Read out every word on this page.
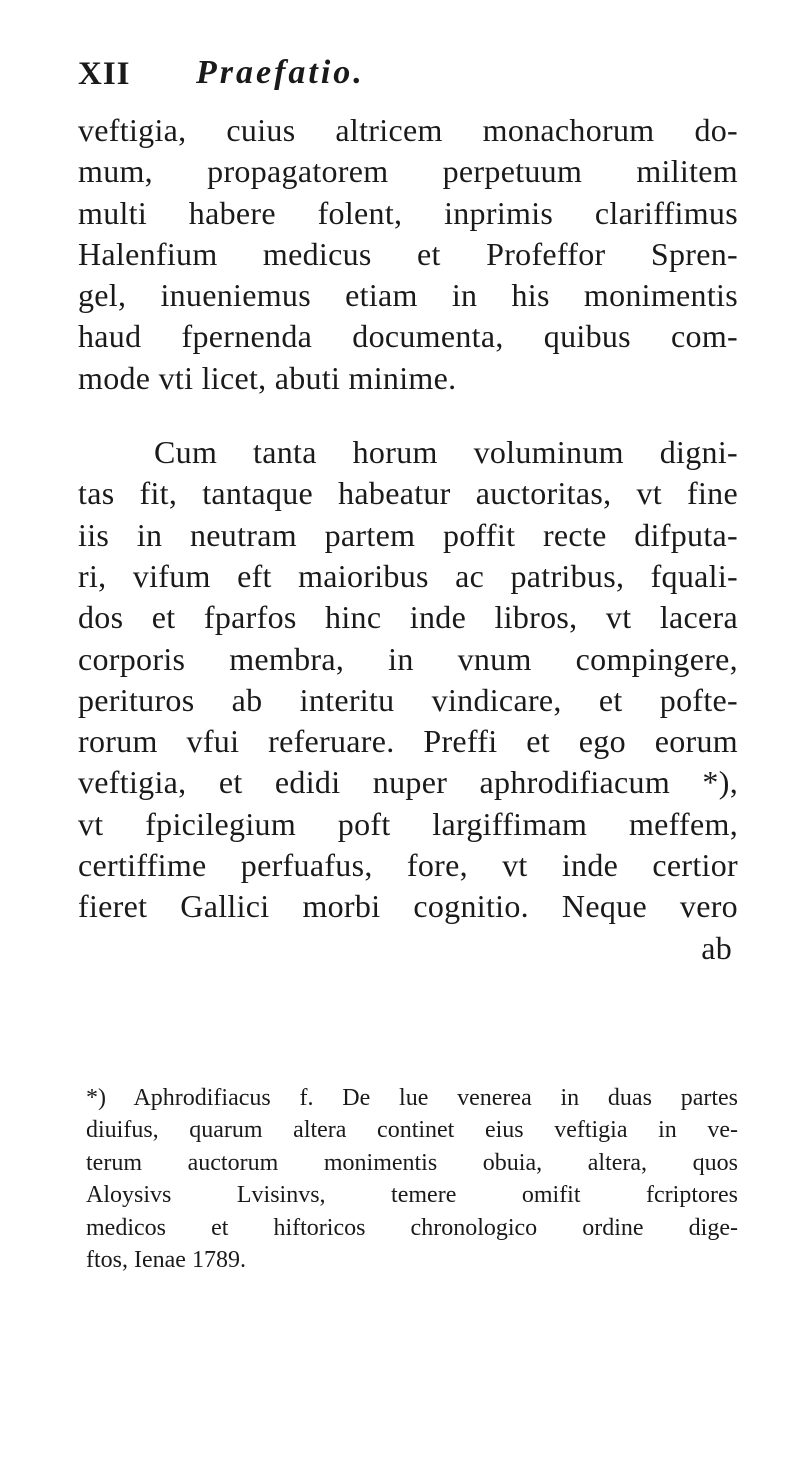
XII Praefatio.
veftigia, cuius altricem monachorum do-
mum, propagatorem perpetuum militem
multi habere folent, inprimis clariffimus
Halenfium medicus et Profeffor Spren-
gel, inueniemus etiam in his monimentis
haud fpernenda documenta, quibus com-
mode vti licet, abuti minime.
Cum tanta horum voluminum digni-
tas fit, tantaque habeatur auctoritas, vt fine
iis in neutram partem poffit recte difputa-
ri, vifum eft maioribus ac patribus, fquali-
dos et fparfos hinc inde libros, vt lacera
corporis membra, in vnum compingere,
perituros ab interitu vindicare, et pofte-
rorum vfui referuare. Preffi et ego eorum
veftigia, et edidi nuper aphrodifiacum *),
vt fpicilegium poft largiffimam meffem,
certiffime perfuafus, fore, vt inde certior
fieret Gallici morbi cognitio. Neque vero
ab
*) Aphrodifiacus f. De lue venerea in duas partes
diuifus, quarum altera continet eius veftigia in ve-
terum auctorum monimentis obuia, altera, quos
Aloysivs Lvisinvs, temere omifit fcriptores
medicos et hiftoricos chronologico ordine dige-
ftos, Ienae 1789.
